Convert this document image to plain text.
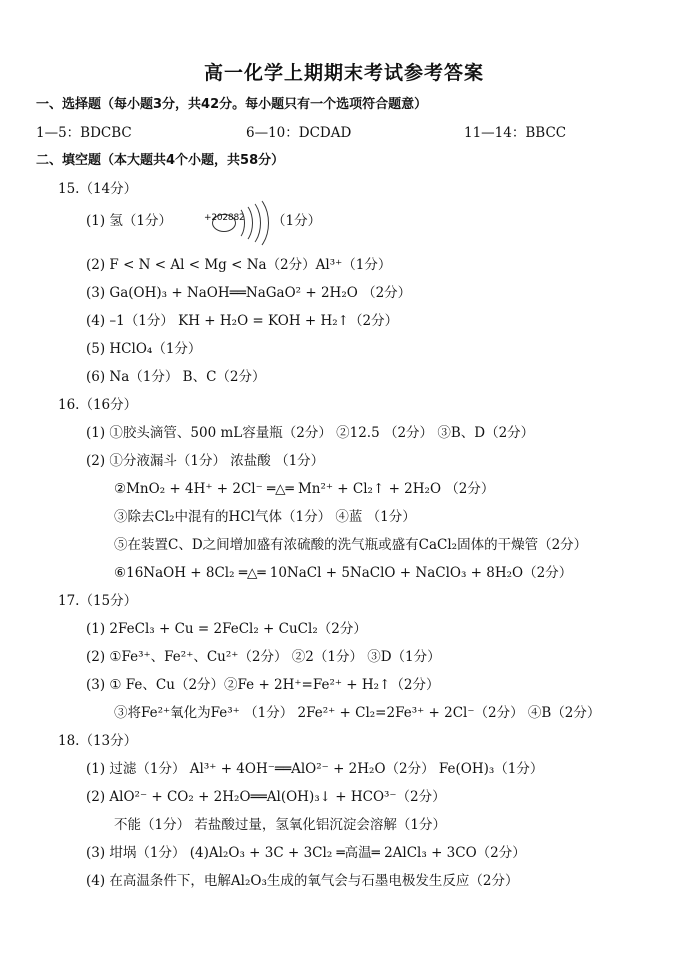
高一化学上期期末考试参考答案
一、选择题（每小题3分，共42分。每小题只有一个选项符合题意）
1—5：BDCBC	6—10：DCDAD	11—14：BBCC
二、填空题（本大题共4个小题，共58分）
15.（14分）
(1) 氢（1分）	（1分）
(2) F < N < Al < Mg < Na（2分）Al³⁺（1分）
(3) Ga(OH)₃ + NaOH══NaGaO² + 2H₂O （2分）
(4) –1（1分） KH + H₂O = KOH + H₂↑（2分）
(5) HClO₄（1分）
(6) Na（1分） B、C（2分）
16.（16分）
(1) ①胶头滴管、500 mL容量瓶（2分） ②12.5 （2分） ③B、D（2分）
(2) ①分液漏斗（1分） 浓盐酸 （1分）
②MnO₂ + 4H⁺ + 2Cl⁻ ═△═ Mn²⁺ + Cl₂↑ + 2H₂O （2分）
③除去Cl₂中混有的HCl气体（1分） ④蓝 （1分）
⑤在装置C、D之间增加盛有浓硫酸的洗气瓶或盛有CaCl₂固体的干燥管（2分）
⑥16NaOH + 8Cl₂ ═△═ 10NaCl + 5NaClO + NaClO₃ + 8H₂O（2分）
17.（15分）
(1) 2FeCl₃ + Cu = 2FeCl₂ + CuCl₂（2分）
(2) ①Fe³⁺、Fe²⁺、Cu²⁺（2分） ②2（1分） ③D（1分）
(3) ① Fe、Cu（2分）②Fe + 2H⁺=Fe²⁺ + H₂↑（2分）
③将Fe²⁺氧化为Fe³⁺ （1分） 2Fe²⁺ + Cl₂=2Fe³⁺ + 2Cl⁻（2分） ④B（2分）
18.（13分）
(1) 过滤（1分） Al³⁺ + 4OH⁻══AlO²⁻ + 2H₂O（2分） Fe(OH)₃（1分）
(2) AlO²⁻ + CO₂ + 2H₂O══Al(OH)₃↓ + HCO³⁻（2分）
不能（1分） 若盐酸过量，氢氧化铝沉淀会溶解（1分）
(3) 坩埚（1分） (4)Al₂O₃ + 3C + 3Cl₂ ═高温═ 2AlCl₃ + 3CO（2分）
(4) 在高温条件下，电解Al₂O₃生成的氧气会与石墨电极发生反应（2分）
+202882
